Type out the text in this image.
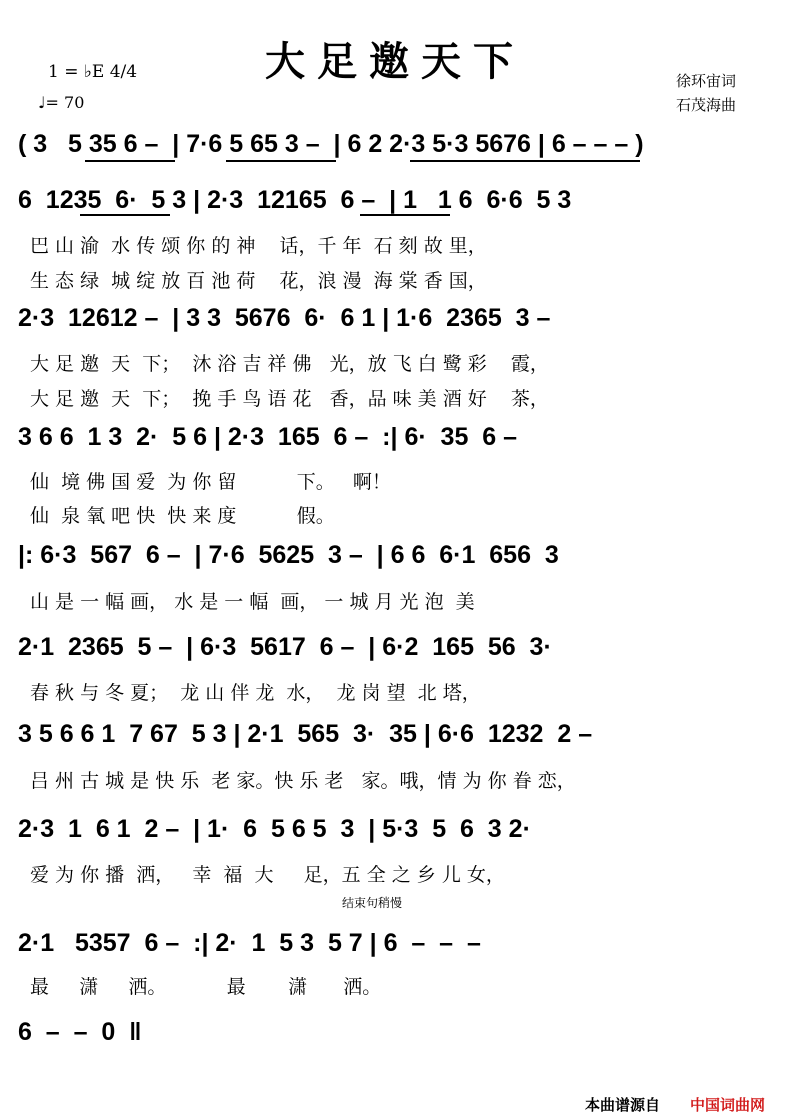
大足邀天下
1 = ♭E 4/4
♩= 70
徐环宙词
石茂海曲
( 3   5 35 6 –  | 7·6 5 65 3 –  | 6 2 2·3 5·3 5676 | 6 – – – )
6  1235  6·  5 3 | 2·3  12165  6 –  | 1   1 6  6·6  5 3
2·3  12612 –  | 3 3  5676  6·  6 1 | 1·6  2365  3 –
3 6 6  1 3  2·  5 6 | 2·3  165  6 –  :| 6·  35  6 –
|: 6·3  567  6 –  | 7·6  5625  3 –  | 6 6  6·1  656  3
2·1  2365  5 –  | 6·3  5617  6 –  | 6·2  165  56  3·
3 5 6 6 1  7 67  5 3 | 2·1  565  3·  35 | 6·6  1232  2 –
2·3  1  6 1  2 –  | 1·  6  5 6 5  3  | 5·3  5  6  3 2·
2·1   5357  6 –  :| 2·  1  5 3  5 7 | 6  –  –  –
6  –  –  0  ‖
巴 山 渝  水 传 颂 你 的 神    话，千 年  石 刻 故 里，
生 态 绿  城 绽 放 百 池 荷    花，浪 漫  海 棠 香 国，
大 足 邀  天  下；  沐 浴 吉 祥 佛   光，放 飞 白 鹭 彩    霞，
大 足 邀  天  下；  挽 手 鸟 语 花   香，品 味 美 酒 好    茶，
仙  境 佛 国 爱  为 你 留          下。   啊！
仙  泉 氧 吧 快  快 来 度          假。
山 是 一 幅 画， 水 是 一 幅  画， 一 城 月 光 泡  美
春 秋 与 冬 夏；  龙 山 伴 龙  水，  龙 岗 望  北 塔，
吕 州 古 城 是 快 乐  老 家。快 乐 老   家。哦，情 为 你 眷 恋，
爱 为 你 播  洒，   幸  福  大     足，五 全 之 乡 儿 女，
最     潇     洒。          最       潇      洒。
结束句稍慢
本曲谱源自 中国词曲网
